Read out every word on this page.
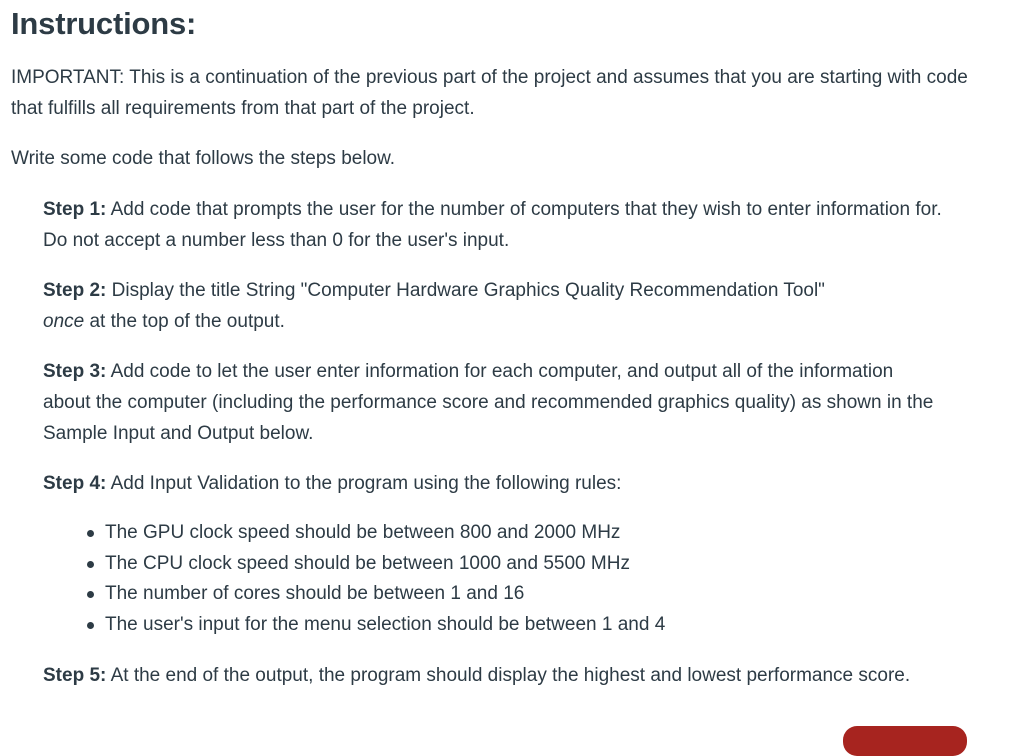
Instructions:

IMPORTANT: This is a continuation of the previous part of the project and assumes that you are starting with code that fulfills all requirements from that part of the project.

Write some code that follows the steps below.

Step 1: Add code that prompts the user for the number of computers that they wish to enter information for. Do not accept a number less than 0 for the user's input.

Step 2: Display the title String "Computer Hardware Graphics Quality Recommendation Tool"
once at the top of the output.

Step 3: Add code to let the user enter information for each computer, and output all of the information about the computer (including the performance score and recommended graphics quality) as shown in the Sample Input and Output below.

Step 4: Add Input Validation to the program using the following rules:

The GPU clock speed should be between 800 and 2000 MHz
The CPU clock speed should be between 1000 and 5500 MHz
The number of cores should be between 1 and 16
The user's input for the menu selection should be between 1 and 4

Step 5: At the end of the output, the program should display the highest and lowest performance score.
